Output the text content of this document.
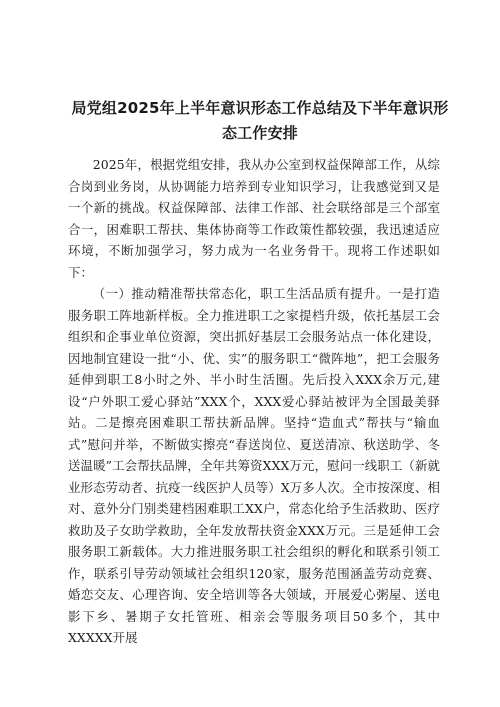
局党组2025年上半年意识形态工作总结及下半年意识形态工作安排

2025年，根据党组安排，我从办公室到权益保障部工作，从综合岗到业务岗，从协调能力培养到专业知识学习，让我感觉到又是一个新的挑战。权益保障部、法律工作部、社会联络部是三个部室合一，困难职工帮扶、集体协商等工作政策性都较强，我迅速适应环境，不断加强学习，努力成为一名业务骨干。现将工作述职如下：

（一）推动精准帮扶常态化，职工生活品质有提升。一是打造服务职工阵地新样板。全力推进职工之家提档升级，依托基层工会组织和企事业单位资源，突出抓好基层工会服务站点一体化建设，因地制宜建设一批“小、优、实”的服务职工“微阵地”，把工会服务延伸到职工8小时之外、半小时生活圈。先后投入XXX余万元,建设“户外职工爱心驿站”XXX个，XXX爱心驿站被评为全国最美驿站。二是擦亮困难职工帮扶新品牌。坚持“造血式”帮扶与“输血式”慰问并举，不断做实擦亮“春送岗位、夏送清凉、秋送助学、冬送温暖”工会帮扶品牌，全年共筹资XXX万元，慰问一线职工（新就业形态劳动者、抗疫一线医护人员等）X万多人次。全市按深度、相对、意外分门别类建档困难职工XX户，常态化给予生活救助、医疗救助及子女助学救助，全年发放帮扶资金XXX万元。三是延伸工会服务职工新载体。大力推进服务职工社会组织的孵化和联系引领工作，联系引导劳动领域社会组织120家，服务范围涵盖劳动竞赛、婚恋交友、心理咨询、安全培训等各大领域，开展爱心粥屋、送电影下乡、暑期子女托管班、相亲会等服务项目50多个，其中XXXXX开展
